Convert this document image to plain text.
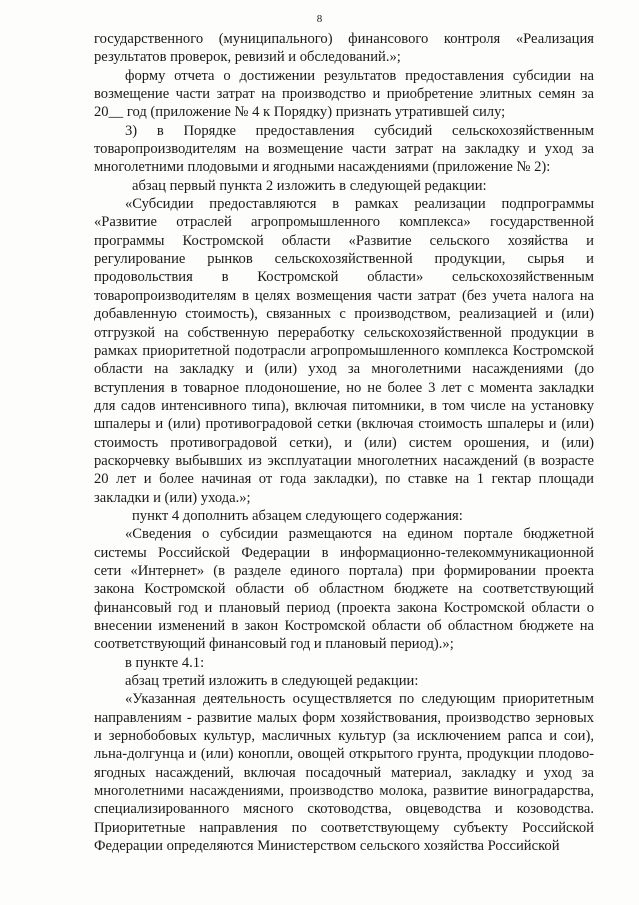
8

государственного (муниципального) финансового контроля «Реализация результатов проверок, ревизий и обследований.»;

форму отчета о достижении результатов предоставления субсидии на возмещение части затрат на производство и приобретение элитных семян за 20__ год (приложение № 4 к Порядку) признать утратившей силу;

3) в Порядке предоставления субсидий сельскохозяйственным товаропроизводителям на возмещение части затрат на закладку и уход за многолетними плодовыми и ягодными насаждениями (приложение № 2):

абзац первый пункта 2 изложить в следующей редакции:

«Субсидии предоставляются в рамках реализации подпрограммы «Развитие отраслей агропромышленного комплекса» государственной программы Костромской области «Развитие сельского хозяйства и регулирование рынков сельскохозяйственной продукции, сырья и продовольствия в Костромской области» сельскохозяйственным товаропроизводителям в целях возмещения части затрат (без учета налога на добавленную стоимость), связанных с производством, реализацией и (или) отгрузкой на собственную переработку сельскохозяйственной продукции в рамках приоритетной подотрасли агропромышленного комплекса Костромской области на закладку и (или) уход за многолетними насаждениями (до вступления в товарное плодоношение, но не более 3 лет с момента закладки для садов интенсивного типа), включая питомники, в том числе на установку шпалеры и (или) противоградовой сетки (включая стоимость шпалеры и (или) стоимость противоградовой сетки), и (или) систем орошения, и (или) раскорчевку выбывших из эксплуатации многолетних насаждений (в возрасте 20 лет и более начиная от года закладки), по ставке на 1 гектар площади закладки и (или) ухода.»;

пункт 4 дополнить абзацем следующего содержания:

«Сведения о субсидии размещаются на едином портале бюджетной системы Российской Федерации в информационно-телекоммуникационной сети «Интернет» (в разделе единого портала) при формировании проекта закона Костромской области об областном бюджете на соответствующий финансовый год и плановый период (проекта закона Костромской области о внесении изменений в закон Костромской области об областном бюджете на соответствующий финансовый год и плановый период).»;

в пункте 4.1:

абзац третий изложить в следующей редакции:

«Указанная деятельность осуществляется по следующим приоритетным направлениям - развитие малых форм хозяйствования, производство зерновых и зернобобовых культур, масличных культур (за исключением рапса и сои), льна-долгунца и (или) конопли, овощей открытого грунта, продукции плодово-ягодных насаждений, включая посадочный материал, закладку и уход за многолетними насаждениями, производство молока, развитие виноградарства, специализированного мясного скотоводства, овцеводства и козоводства. Приоритетные направления по соответствующему субъекту Российской Федерации определяются Министерством сельского хозяйства Российской
